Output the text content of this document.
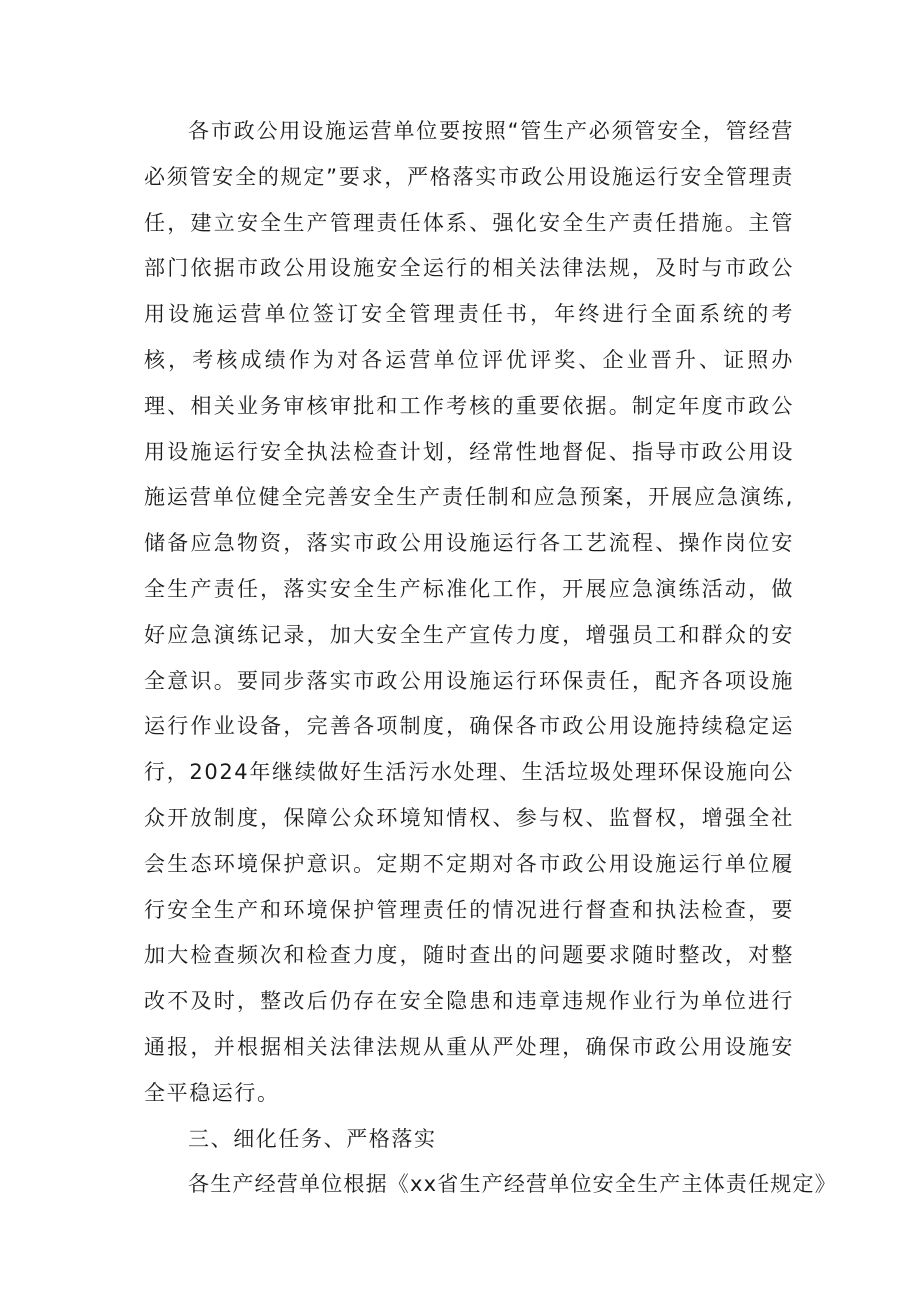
各市政公用设施运营单位要按照“管生产必须管安全，管经营必须管安全的规定”要求，严格落实市政公用设施运行安全管理责任，建立安全生产管理责任体系、强化安全生产责任措施。主管部门依据市政公用设施安全运行的相关法律法规，及时与市政公用设施运营单位签订安全管理责任书，年终进行全面系统的考核，考核成绩作为对各运营单位评优评奖、企业晋升、证照办理、相关业务审核审批和工作考核的重要依据。制定年度市政公用设施运行安全执法检查计划，经常性地督促、指导市政公用设施运营单位健全完善安全生产责任制和应急预案，开展应急演练,储备应急物资，落实市政公用设施运行各工艺流程、操作岗位安全生产责任，落实安全生产标准化工作，开展应急演练活动，做好应急演练记录，加大安全生产宣传力度，增强员工和群众的安全意识。要同步落实市政公用设施运行环保责任，配齐各项设施运行作业设备，完善各项制度，确保各市政公用设施持续稳定运行，2024年继续做好生活污水处理、生活垃圾处理环保设施向公众开放制度，保障公众环境知情权、参与权、监督权，增强全社会生态环境保护意识。定期不定期对各市政公用设施运行单位履行安全生产和环境保护管理责任的情况进行督查和执法检查，要加大检查频次和检查力度，随时查出的问题要求随时整改，对整改不及时，整改后仍存在安全隐患和违章违规作业行为单位进行通报，并根据相关法律法规从重从严处理，确保市政公用设施安全平稳运行。

三、细化任务、严格落实

各生产经营单位根据《xx省生产经营单位安全生产主体责任规定》
